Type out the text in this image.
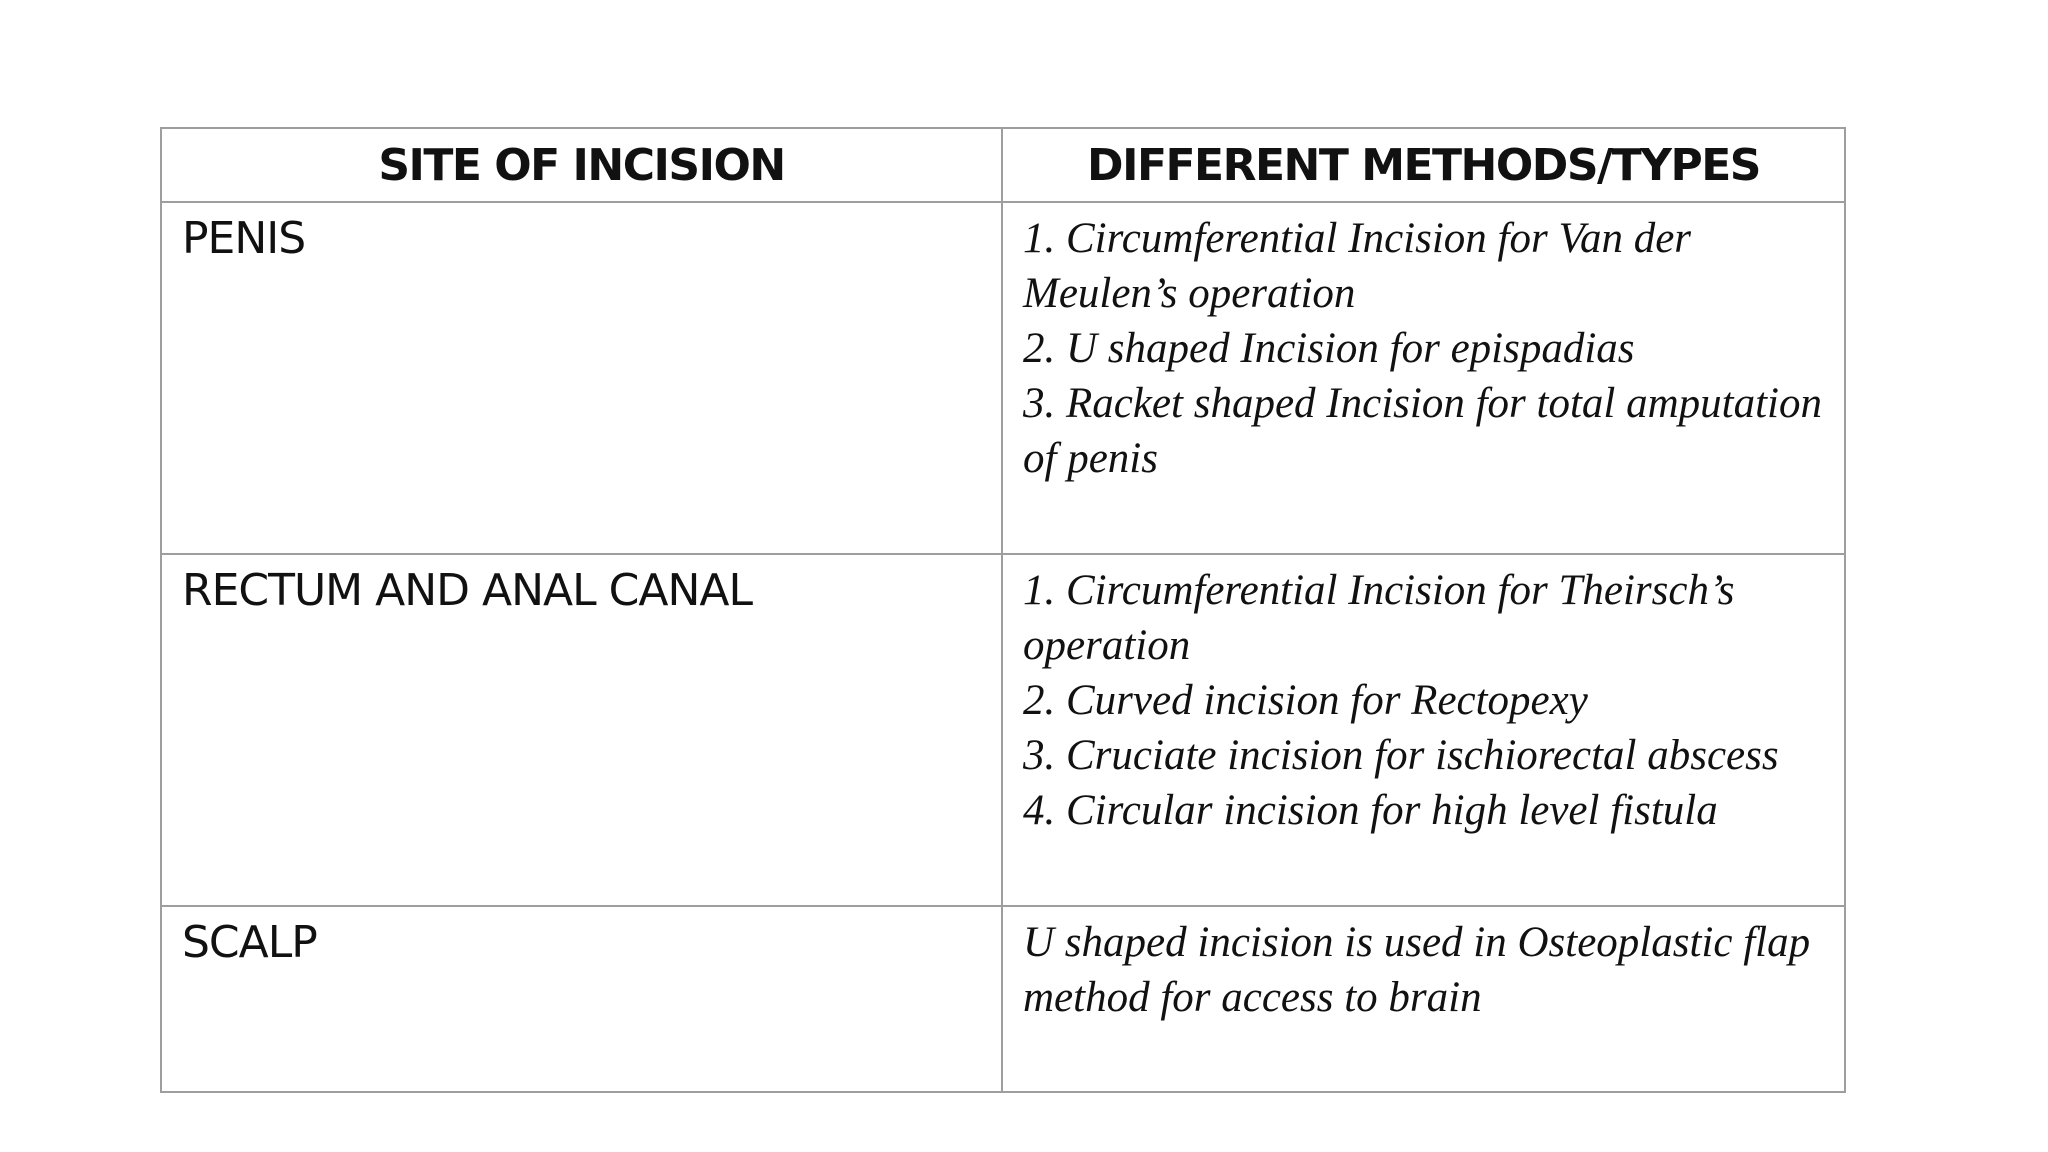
SITE OF INCISION	DIFFERENT METHODS/TYPES
PENIS	1. Circumferential Incision for Van der Meulen’s operation
2. U shaped Incision for epispadias
3. Racket shaped Incision for total amputation of penis

RECTUM AND ANAL CANAL	1. Circumferential Incision for Theirsch’s operation
2. Curved incision for Rectopexy
3. Cruciate incision for ischiorectal abscess
4. Circular incision for high level fistula

SCALP	U shaped incision is used in Osteoplastic flap method for access to brain
